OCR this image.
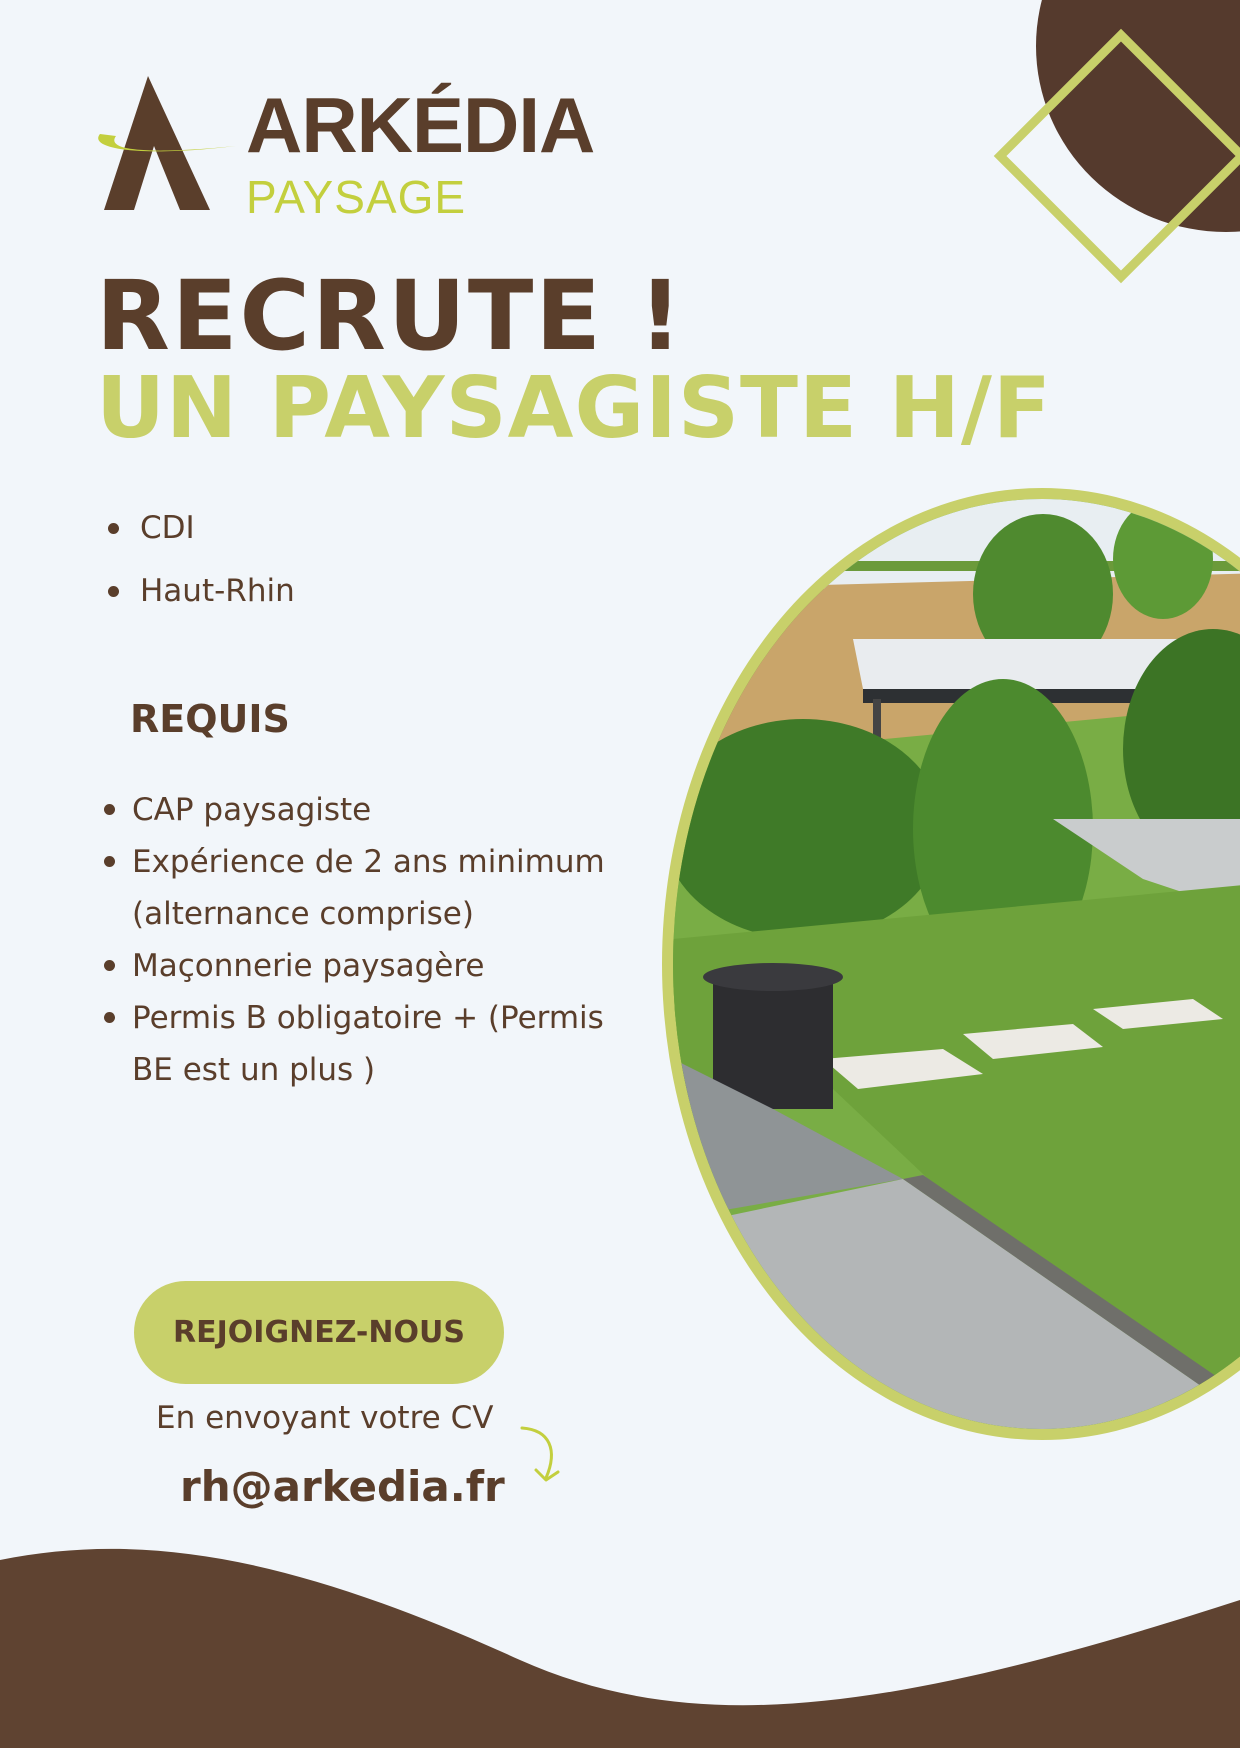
ARKÉDIA
PAYSAGE
RECRUTE !
UN PAYSAGISTE H/F
CDI
Haut-Rhin
REQUIS
CAP paysagiste
Expérience de 2 ans minimum (alternance comprise)
Maçonnerie paysagère
Permis B obligatoire + (Permis BE est un plus )
REJOIGNEZ-NOUS
En envoyant votre CV
rh@arkedia.fr
